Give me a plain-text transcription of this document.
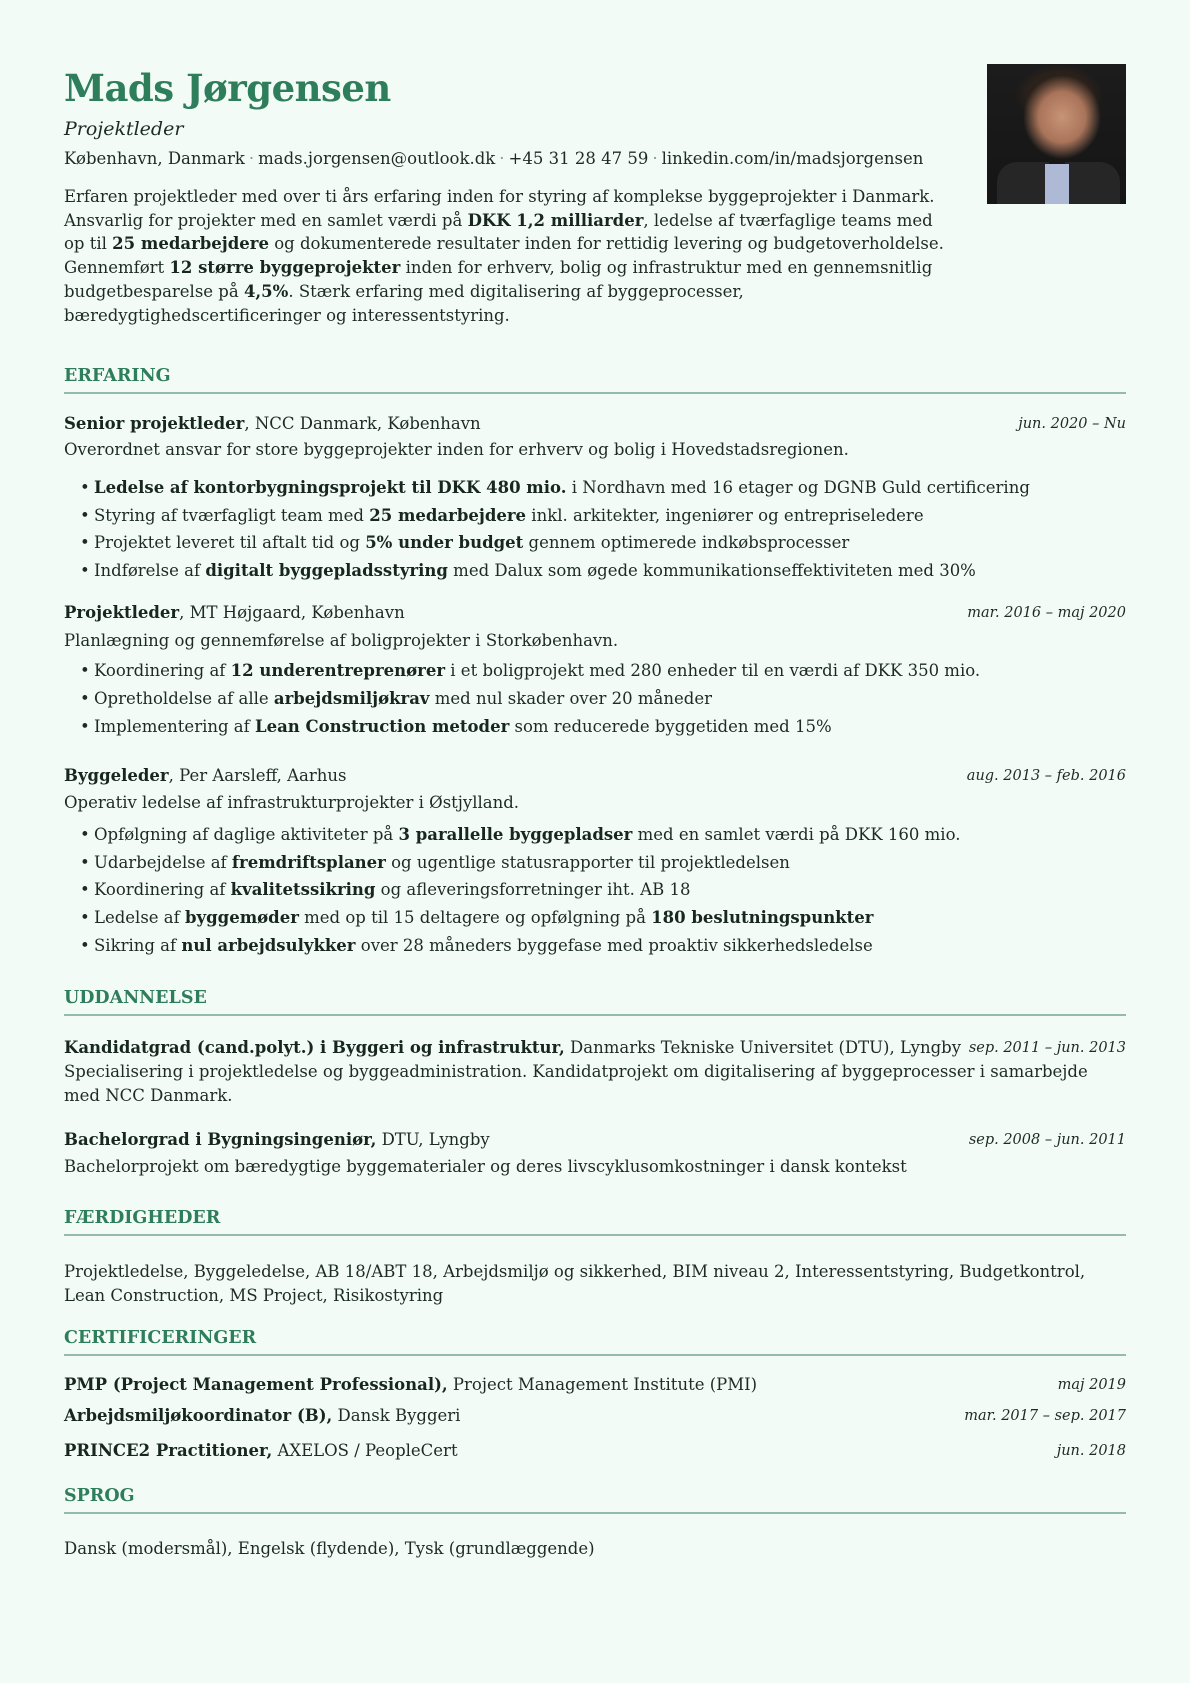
Mads Jørgensen
Projektleder
København, Danmark · mads.jorgensen@outlook.dk · +45 31 28 47 59 · linkedin.com/in/madsjorgensen
Erfaren projektleder med over ti års erfaring inden for styring af komplekse byggeprojekter i Danmark. Ansvarlig for projekter med en samlet værdi på DKK 1,2 milliarder, ledelse af tværfaglige teams med op til 25 medarbejdere og dokumenterede resultater inden for rettidig levering og budgetoverholdelse. Gennemført 12 større byggeprojekter inden for erhverv, bolig og infrastruktur med en gennemsnitlig budgetbesparelse på 4,5%. Stærk erfaring med digitalisering af byggeprocesser, bæredygtighedscertificeringer og interessentstyring.
ERFARING
Senior projektleder, NCC Danmark, København	jun. 2020 – Nu
Overordnet ansvar for store byggeprojekter inden for erhverv og bolig i Hovedstadsregionen.
• Ledelse af kontorbygningsprojekt til DKK 480 mio. i Nordhavn med 16 etager og DGNB Guld certificering
• Styring af tværfagligt team med 25 medarbejdere inkl. arkitekter, ingeniører og entrepriseledere
• Projektet leveret til aftalt tid og 5% under budget gennem optimerede indkøbsprocesser
• Indførelse af digitalt byggepladsstyring med Dalux som øgede kommunikationseffektiviteten med 30%
Projektleder, MT Højgaard, København	mar. 2016 – maj 2020
Planlægning og gennemførelse af boligprojekter i Storkøbenhavn.
• Koordinering af 12 underentreprenører i et boligprojekt med 280 enheder til en værdi af DKK 350 mio.
• Opretholdelse af alle arbejdsmiljøkrav med nul skader over 20 måneder
• Implementering af Lean Construction metoder som reducerede byggetiden med 15%
Byggeleder, Per Aarsleff, Aarhus	aug. 2013 – feb. 2016
Operativ ledelse af infrastrukturprojekter i Østjylland.
• Opfølgning af daglige aktiviteter på 3 parallelle byggepladser med en samlet værdi på DKK 160 mio.
• Udarbejdelse af fremdriftsplaner og ugentlige statusrapporter til projektledelsen
• Koordinering af kvalitetssikring og afleveringsforretninger iht. AB 18
• Ledelse af byggemøder med op til 15 deltagere og opfølgning på 180 beslutningspunkter
• Sikring af nul arbejdsulykker over 28 måneders byggefase med proaktiv sikkerhedsledelse
UDDANNELSE
Kandidatgrad (cand.polyt.) i Byggeri og infrastruktur, Danmarks Tekniske Universitet (DTU), Lyngby sep. 2011 – jun. 2013
Specialisering i projektledelse og byggeadministration. Kandidatprojekt om digitalisering af byggeprocesser i samarbejde med NCC Danmark.
Bachelorgrad i Bygningsingeniør, DTU, Lyngby	sep. 2008 – jun. 2011
Bachelorprojekt om bæredygtige byggematerialer og deres livscyklusomkostninger i dansk kontekst
FÆRDIGHEDER
Projektledelse, Byggeledelse, AB 18/ABT 18, Arbejdsmiljø og sikkerhed, BIM niveau 2, Interessentstyring, Budgetkontrol, Lean Construction, MS Project, Risikostyring
CERTIFICERINGER
PMP (Project Management Professional), Project Management Institute (PMI)	maj 2019
Arbejdsmiljøkoordinator (B), Dansk Byggeri	mar. 2017 – sep. 2017
PRINCE2 Practitioner, AXELOS / PeopleCert	jun. 2018
SPROG
Dansk (modersmål), Engelsk (flydende), Tysk (grundlæggende)
